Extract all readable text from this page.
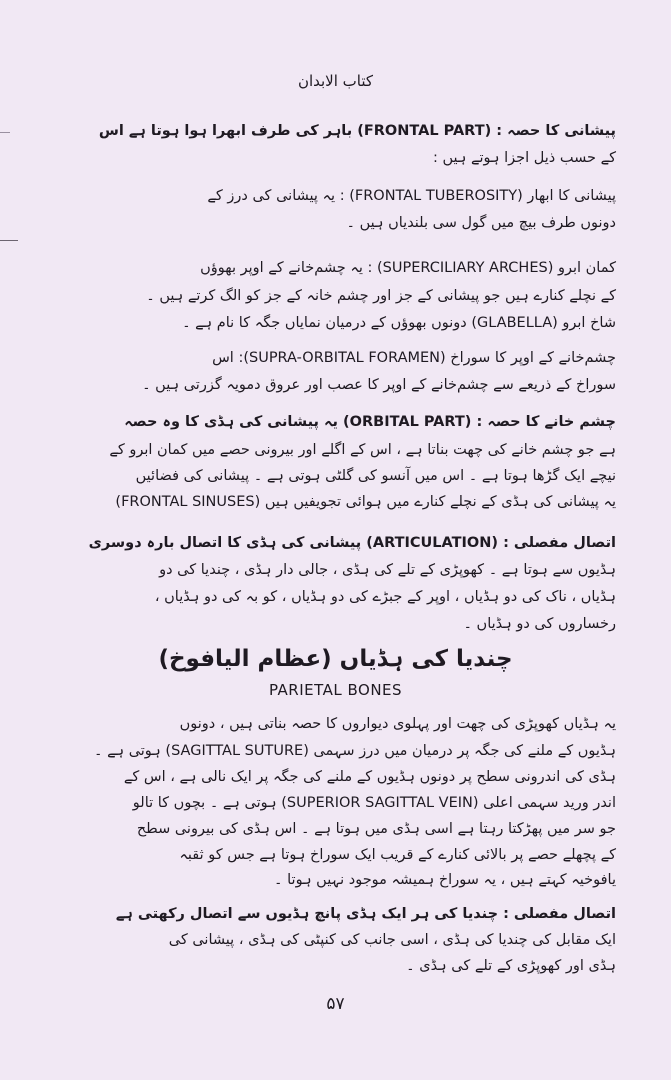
کتاب الابدان
پیشانی کا حصہ : (FRONTAL PART) باہر کی طرف ابھرا ہوا ہوتا ہے اس
کے حسب ذیل اجزا ہوتے ہیں :
پیشانی کا ابھار (FRONTAL TUBEROSITY) : یہ پیشانی کی درز کے
دونوں طرف بیچ میں گول سی بلندیاں ہیں ۔
کمان ابرو (SUPERCILIARY ARCHES) : یہ چشم‌خانے کے اوپر بھوؤں
کے نچلے کنارے ہیں جو پیشانی کے جز اور چشم خانہ کے جز کو الگ کرتے ہیں ۔
شاخ ابرو (GLABELLA) دونوں بھوؤں کے درمیان نمایاں جگہ کا نام ہے ۔
چشم‌خانے کے اوپر کا سوراخ (SUPRA-ORBITAL FORAMEN): اس
سوراخ کے ذریعے سے چشم‌خانے کے اوپر کا عصب اور عروق دمویہ گزرتی ہیں ۔
چشم خانے کا حصہ : (ORBITAL PART) یہ پیشانی کی ہڈی کا وہ حصہ
ہے جو چشم خانے کی چھت بناتا ہے ، اس کے اگلے اور بیرونی حصے میں کمان ابرو کے
نیچے ایک گڑھا ہوتا ہے ۔ اس میں آنسو کی گلٹی ہوتی ہے ۔ پیشانی کی فضائیں
(FRONTAL SINUSES) یہ پیشانی کی ہڈی کے نچلے کنارے میں ہوائی تجویفیں ہیں
اتصال مفصلی : (ARTICULATION) پیشانی کی ہڈی کا اتصال بارہ دوسری
ہڈیوں سے ہوتا ہے ۔ کھوپڑی کے تلے کی ہڈی ، جالی دار ہڈی ، چندیا کی دو
ہڈیاں ، ناک کی دو ہڈیاں ، اوپر کے جبڑے کی دو ہڈیاں ، کو بہ کی دو ہڈیاں ،
رخساروں کی دو ہڈیاں ۔
چندیا کی ہڈیاں (عظام الیافوخ)
PARIETAL BONES
یہ ہڈیاں کھوپڑی کی چھت اور پہلوی دیواروں کا حصہ بناتی ہیں ، دونوں
ہڈیوں کے ملنے کی جگہ پر درمیان میں درز سہمی (SAGITTAL SUTURE) ہوتی ہے ۔
ہڈی کی اندرونی سطح پر دونوں ہڈیوں کے ملنے کی جگہ پر ایک نالی ہے ، اس کے
اندر ورید سہمی اعلی (SUPERIOR SAGITTAL VEIN) ہوتی ہے ۔ بچوں کا تالو
جو سر میں پھڑکتا رہتا ہے اسی ہڈی میں ہوتا ہے ۔ اس ہڈی کی بیرونی سطح
کے پچھلے حصے پر بالائی کنارے کے قریب ایک سوراخ ہوتا ہے جس کو ثقبہ
یافوخیہ کہتے ہیں ، یہ سوراخ ہمیشہ موجود نہیں ہوتا ۔
اتصال مفصلی : چندیا کی ہر ایک ہڈی پانچ ہڈیوں سے اتصال رکھتی ہے
ایک مقابل کی چندیا کی ہڈی ، اسی جانب کی کنپٹی کی ہڈی ، پیشانی کی
ہڈی اور کھوپڑی کے تلے کی ہڈی ۔
۵۷
